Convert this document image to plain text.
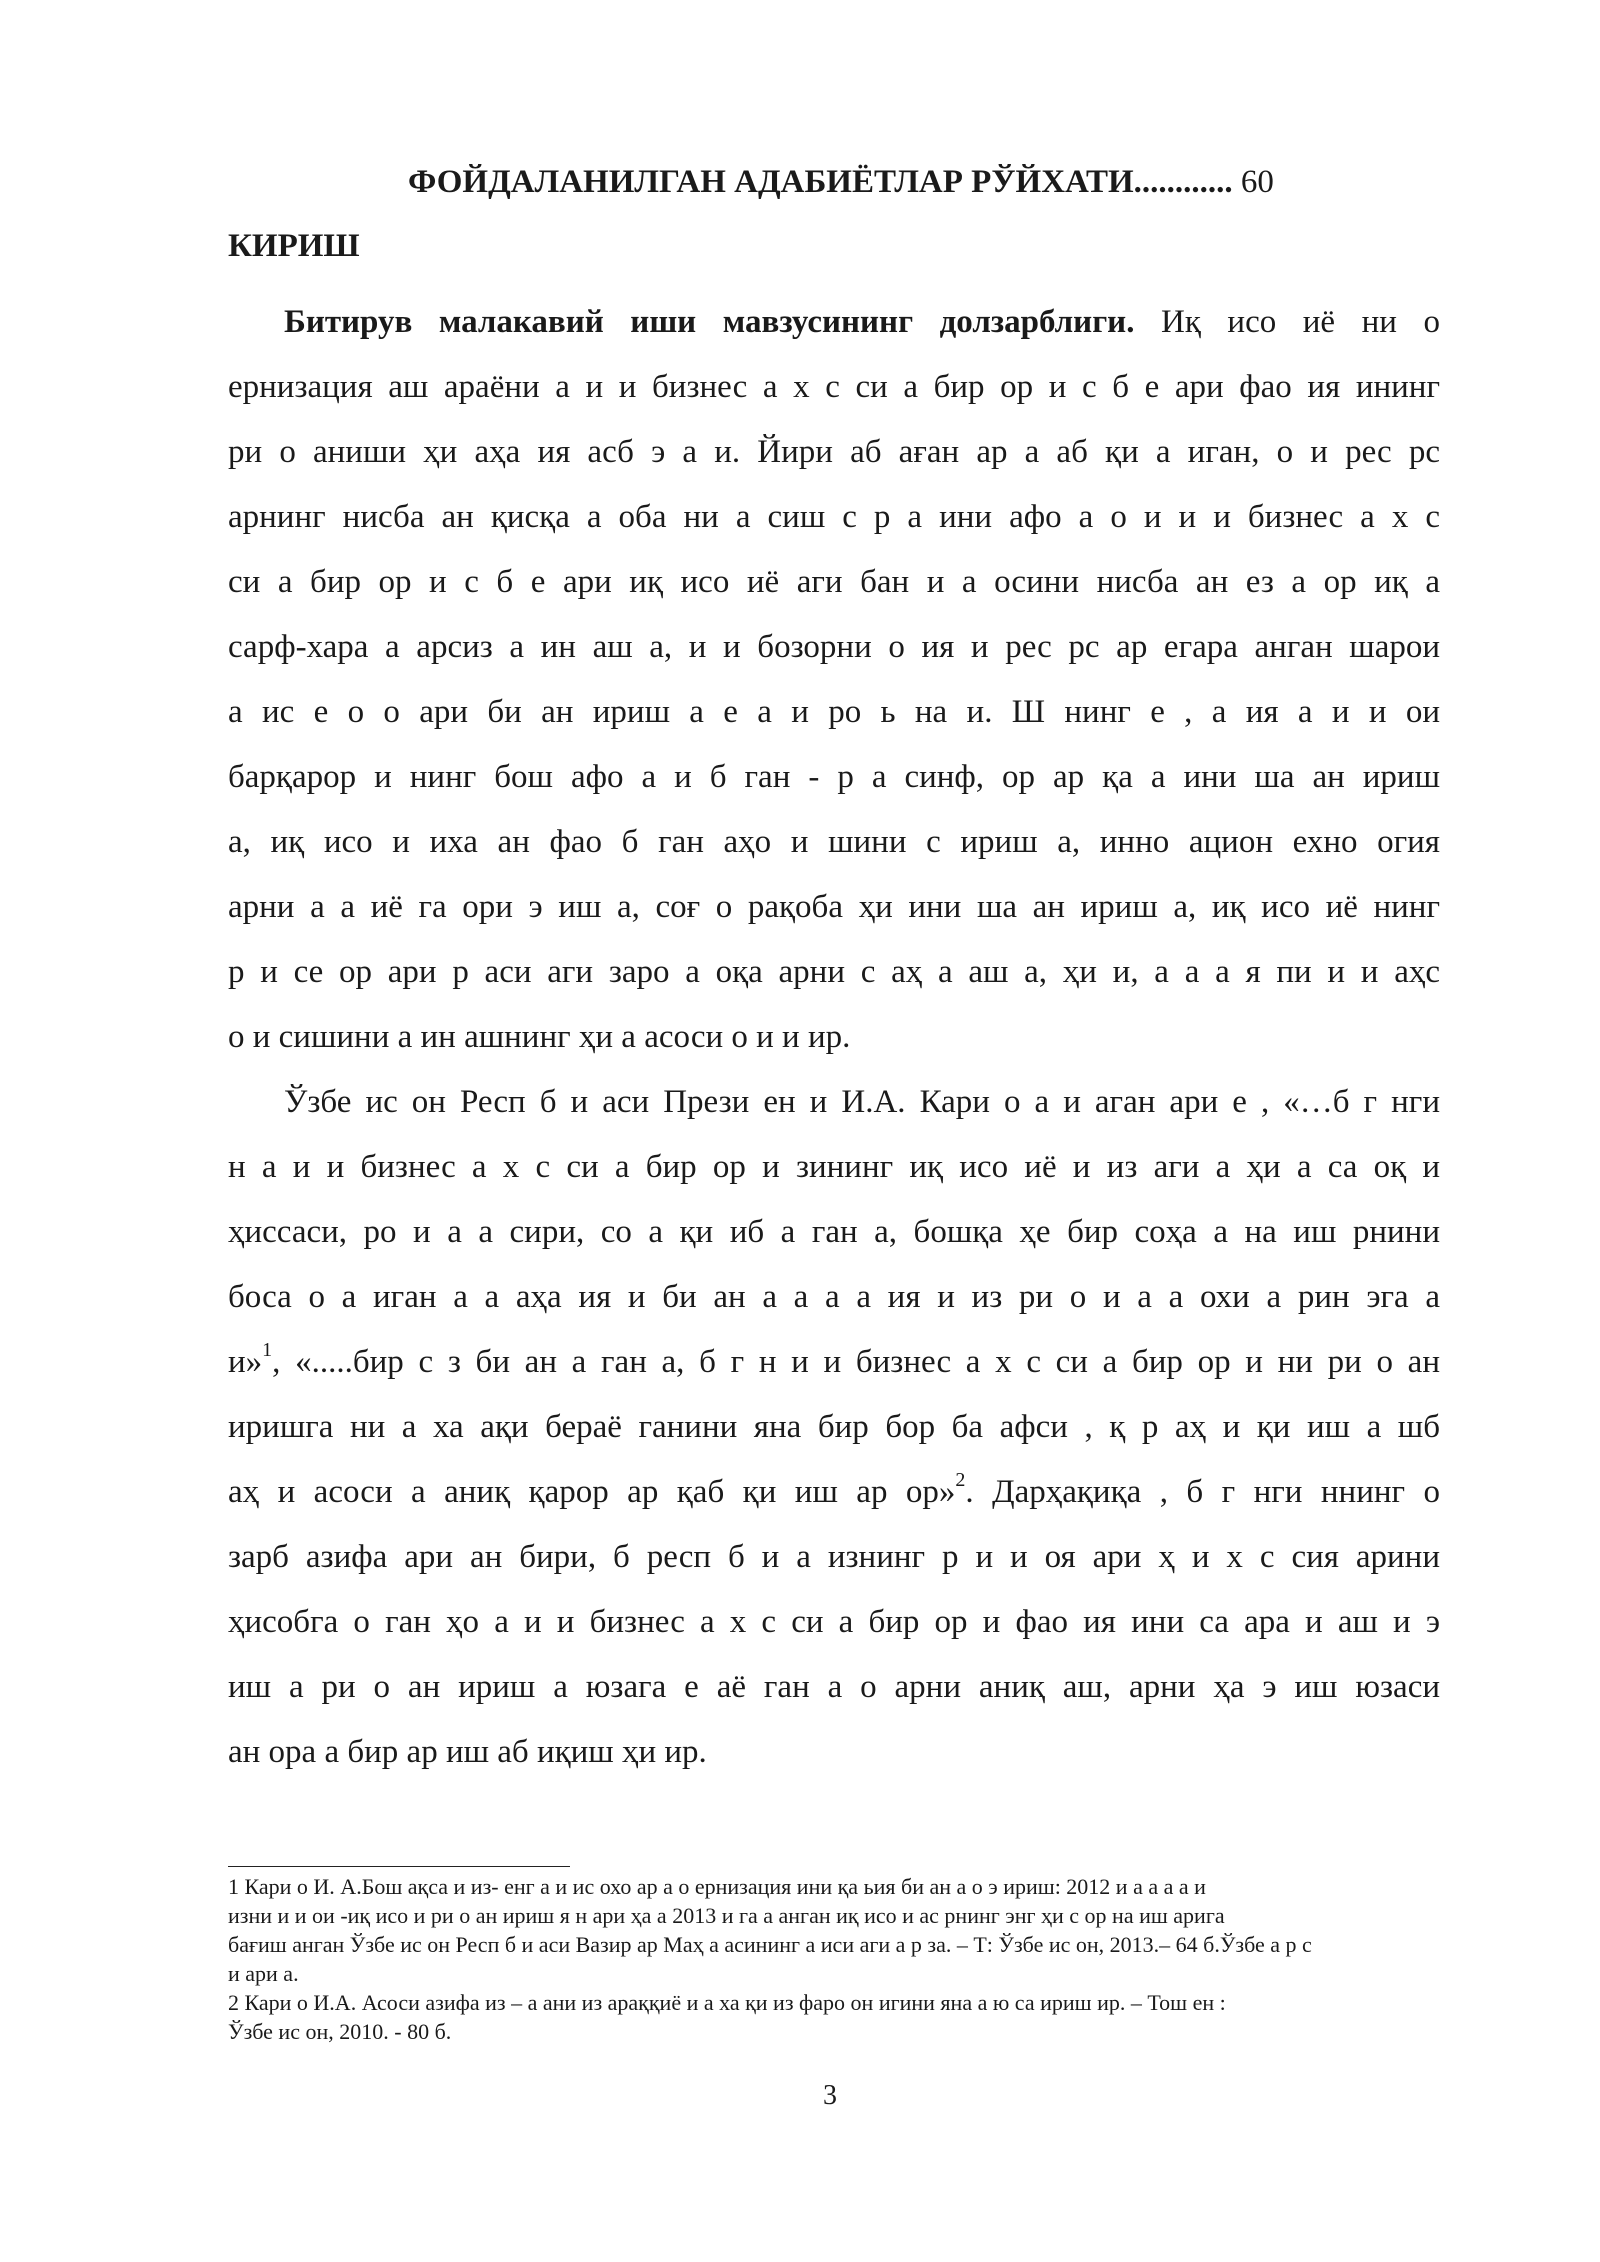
ФОЙДАЛАНИЛГАН АДАБИЁТЛАР РЎЙХАТИ............ 60
КИРИШ
Битирув малакавий иши мавзусининг долзарблиги. Иқ исо иё ни о
ернизация аш араёни а и и бизнес а х с си а бир ор и с б е ари фао ия ининг
ри о аниши ҳи аҳа ия асб э а и. Йири аб аған ар а аб қи а иган, о и рес рс
арнинг нисба ан қисқа а оба ни а сиш с р а ини афо а о и и и бизнес а х с
си а бир ор и с б е ари иқ исо иё аги бан и а осини нисба ан ез а ор иқ а
сарф-хара а арсиз а ин аш а, и и бозорни о ия и рес рс ар егара анган шарои
а ис е о о ари би ан ириш а е а и ро ь на и. Ш нинг е , а ия а и и ои
барқарор и нинг бош афо а и б ган - р а синф, ор ар қа а ини ша ан ириш
а, иқ исо и иха ан фао б ган аҳо и шини с ириш а, инно ацион ехно огия
арни а а иё га ори э иш а, соғ о рақоба ҳи ини ша ан ириш а, иқ исо иё нинг
р и се ор ари р аси аги заро а оқа арни с аҳ а аш а, ҳи и, а а а я пи и и аҳс
о и сишини а ин ашнинг ҳи а асоси о и и ир.
Ўзбе ис он Респ б и аси Прези ен и И.А. Кари о а и аган ари е , «…б г нги
н а и и бизнес а х с си а бир ор и зининг иқ исо иё и из аги а ҳи а са оқ и
ҳиссаси, ро и а а сири, со а қи иб а ган а, бошқа ҳе бир соҳа а на иш рнини
боса о а иган а а аҳа ия и би ан а а а а ия и из ри о и а а охи а рин эга а
и»$^1$, «.....бир с з би ан а ган а, б г н и и бизнес а х с си а бир ор и ни ри о ан
иришга ни а ха ақи бераё ганини яна бир бор ба афси , қ р аҳ и қи иш а шб
аҳ и асоси а аниқ қарор ар қаб қи иш ар ор»$^2$. Дарҳақиқа , б г нги ннинг о
зарб азифа ари ан бири, б респ б и а изнинг р и и оя ари ҳ и х с сия арини
ҳисобга о ган ҳо а и и бизнес а х с си а бир ор и фао ия ини са ара и аш и э
иш а ри о ан ириш а юзага е аё ган а о арни аниқ аш, арни ҳа э иш юзаси
ан ора а бир ар иш аб иқиш ҳи ир.
1 Кари о И. А.Бош ақса и из- енг а и ис охо ар а о ернизация ини қа ьия би ан а о э ириш: 2012 и а а а а и
изни и и ои -иқ исо и ри о ан ириш я н ари ҳа а 2013 и га а анган иқ исо и ас рнинг энг ҳи с ор на иш арига
бағиш анган Ўзбе ис он Респ б и аси Вазир ар Маҳ а асининг а иси аги а р за. – Т: Ўзбе ис он, 2013.– 64 б.Ўзбе а р с
и ари а.
2 Кари о И.А. Асоси азифа из – а ани из араққиё и а ха қи из фаро он игини яна а ю са ириш ир. – Тош ен :
Ўзбе ис он, 2010. - 80 б.
3
